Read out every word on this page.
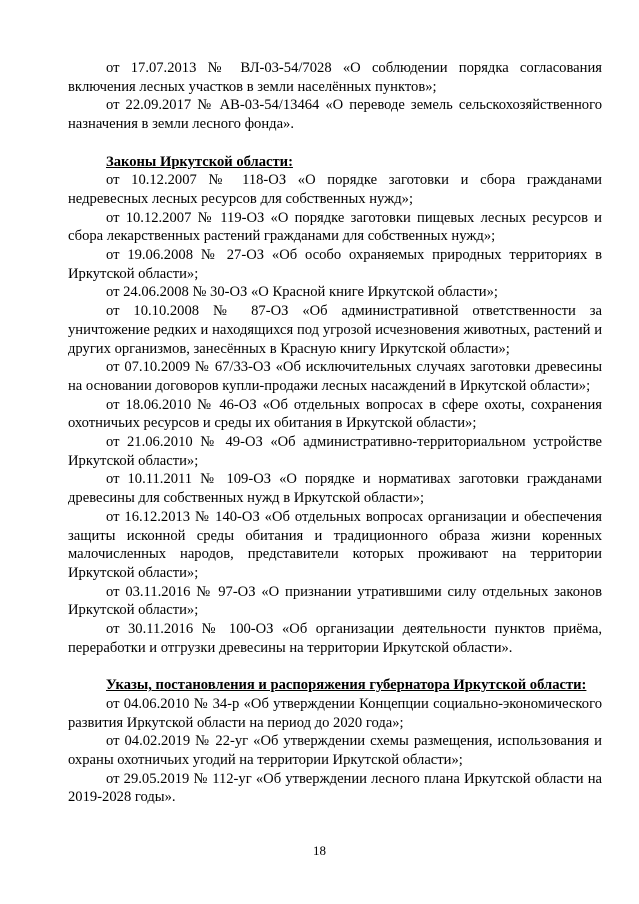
от 17.07.2013 № ВЛ-03-54/7028 «О соблюдении порядка согласования включения лесных участков в земли населённых пунктов»;

от 22.09.2017 № АВ-03-54/13464 «О переводе земель сельскохозяйственного назначения в земли лесного фонда».

Законы Иркутской области:

от 10.12.2007 № 118-ОЗ «О порядке заготовки и сбора гражданами недревесных лесных ресурсов для собственных нужд»;

от 10.12.2007 № 119-ОЗ «О порядке заготовки пищевых лесных ресурсов и сбора лекарственных растений гражданами для собственных нужд»;

от 19.06.2008 № 27-ОЗ «Об особо охраняемых природных территориях в Иркутской области»;

от 24.06.2008 № 30-ОЗ «О Красной книге Иркутской области»;

от 10.10.2008 № 87-ОЗ «Об административной ответственности за уничтожение редких и находящихся под угрозой исчезновения животных, растений и других организмов, занесённых в Красную книгу Иркутской области»;

от 07.10.2009 № 67/33-ОЗ «Об исключительных случаях заготовки древесины на основании договоров купли-продажи лесных насаждений в Иркутской области»;

от 18.06.2010 № 46-ОЗ «Об отдельных вопросах в сфере охоты, сохранения охотничьих ресурсов и среды их обитания в Иркутской области»;

от 21.06.2010 № 49-ОЗ «Об административно-территориальном устройстве Иркутской области»;

от 10.11.2011 № 109-ОЗ «О порядке и нормативах заготовки гражданами древесины для собственных нужд в Иркутской области»;

от 16.12.2013 № 140-ОЗ «Об отдельных вопросах организации и обеспечения защиты исконной среды обитания и традиционного образа жизни коренных малочисленных народов, представители которых проживают на территории Иркутской области»;

от 03.11.2016 № 97-ОЗ «О признании утратившими силу отдельных законов Иркутской области»;

от 30.11.2016 № 100-ОЗ «Об организации деятельности пунктов приёма, переработки и отгрузки древесины на территории Иркутской области».

Указы, постановления и распоряжения губернатора Иркутской области:

от 04.06.2010 № 34-р «Об утверждении Концепции социально-экономического развития Иркутской области на период до 2020 года»;

от 04.02.2019 № 22-уг «Об утверждении схемы размещения, использования и охраны охотничьих угодий на территории Иркутской области»;

от 29.05.2019 № 112-уг «Об утверждении лесного плана Иркутской области на 2019-2028 годы».

18
